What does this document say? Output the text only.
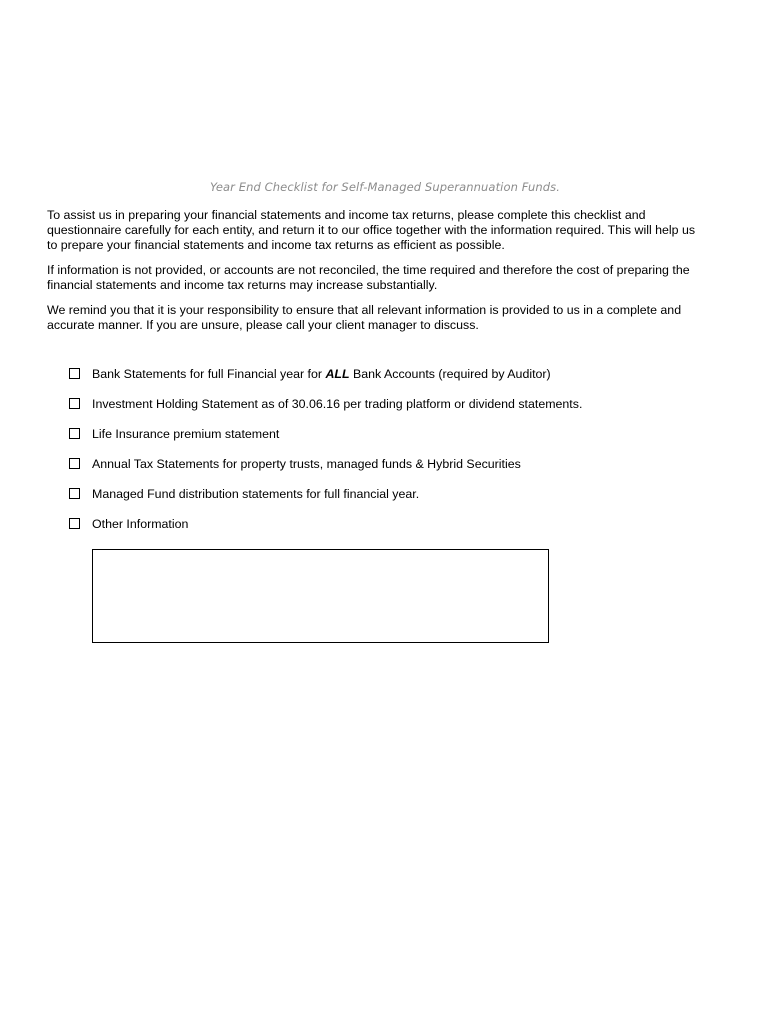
Year End Checklist for Self-Managed Superannuation Funds.

To assist us in preparing your financial statements and income tax returns, please complete this checklist and questionnaire carefully for each entity, and return it to our office together with the information required. This will help us to prepare your financial statements and income tax returns as efficient as possible.

If information is not provided, or accounts are not reconciled, the time required and therefore the cost of preparing the financial statements and income tax returns may increase substantially.

We remind you that it is your responsibility to ensure that all relevant information is provided to us in a complete and accurate manner. If you are unsure, please call your client manager to discuss.

Bank Statements for full Financial year for ALL Bank Accounts (required by Auditor)
Investment Holding Statement as of 30.06.16 per trading platform or dividend statements.
Life Insurance premium statement
Annual Tax Statements for property trusts, managed funds & Hybrid Securities
Managed Fund distribution statements for full financial year.
Other Information
